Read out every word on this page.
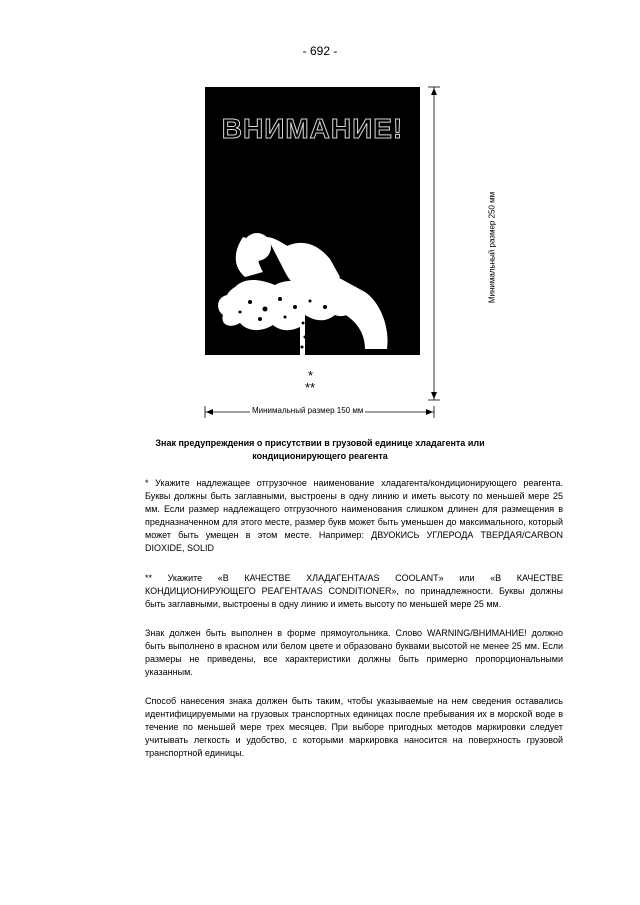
- 692 -
ВНИМАНИЕ!
*
**
Минимальный размер 250 мм
Минимальный размер 150 мм
Знак предупреждения о присутствии в грузовой единице хладагента или
кондиционирующего реагента
* Укажите надлежащее отгрузочное наименование хладагента/кондиционирующего реагента. Буквы должны быть заглавными, выстроены в одну линию и иметь высоту по меньшей мере 25 мм. Если размер надлежащего отгрузочного наименования слишком длинен для размещения в предназначенном для этого месте, размер букв может быть уменьшен до максимального, который может быть умещен в этом месте. Например: ДВУОКИСЬ УГЛЕРОДА ТВЕРДАЯ/CARBON DIOXIDE, SOLID
** Укажите «В КАЧЕСТВЕ ХЛАДАГЕНТА/AS COOLANT» или «В КАЧЕСТВЕ КОНДИЦИОНИРУЮЩЕГО РЕАГЕНТА/AS CONDITIONER», по принадлежности. Буквы должны быть заглавными, выстроены в одну линию и иметь высоту по меньшей мере 25 мм.
Знак должен быть выполнен в форме прямоугольника. Слово WARNING/ВНИМАНИЕ! должно быть выполнено в красном или белом цвете и образовано буквами высотой не менее 25 мм. Если размеры не приведены, все характеристики должны быть примерно пропорциональными указанным.
Способ нанесения знака должен быть таким, чтобы указываемые на нем сведения оставались идентифицируемыми на грузовых транспортных единицах после пребывания их в морской воде в течение по меньшей мере трех месяцев. При выборе пригодных методов маркировки следует учитывать легкость и удобство, с которыми маркировка наносится на поверхность грузовой транспортной единицы.
